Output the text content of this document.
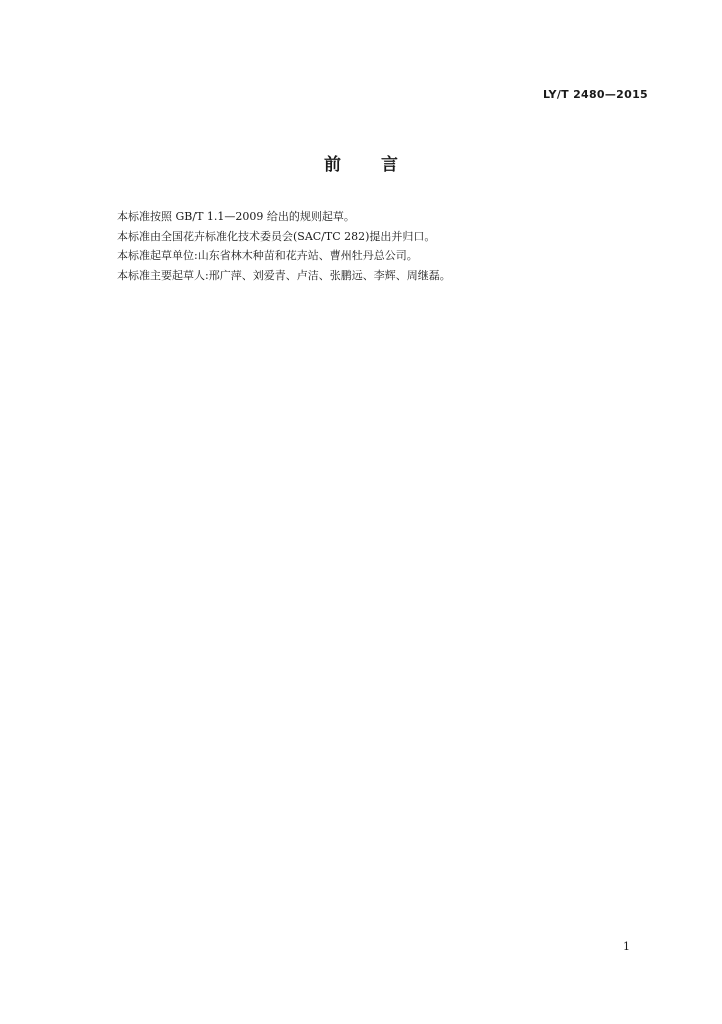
LY/T 2480—2015
前言

本标准按照 GB/T 1.1—2009 给出的规则起草。

本标准由全国花卉标准化技术委员会(SAC/TC 282)提出并归口。

本标准起草单位:山东省林木种苗和花卉站、曹州牡丹总公司。

本标准主要起草人:邢广萍、刘爱青、卢洁、张鹏远、李辉、周继磊。

1
